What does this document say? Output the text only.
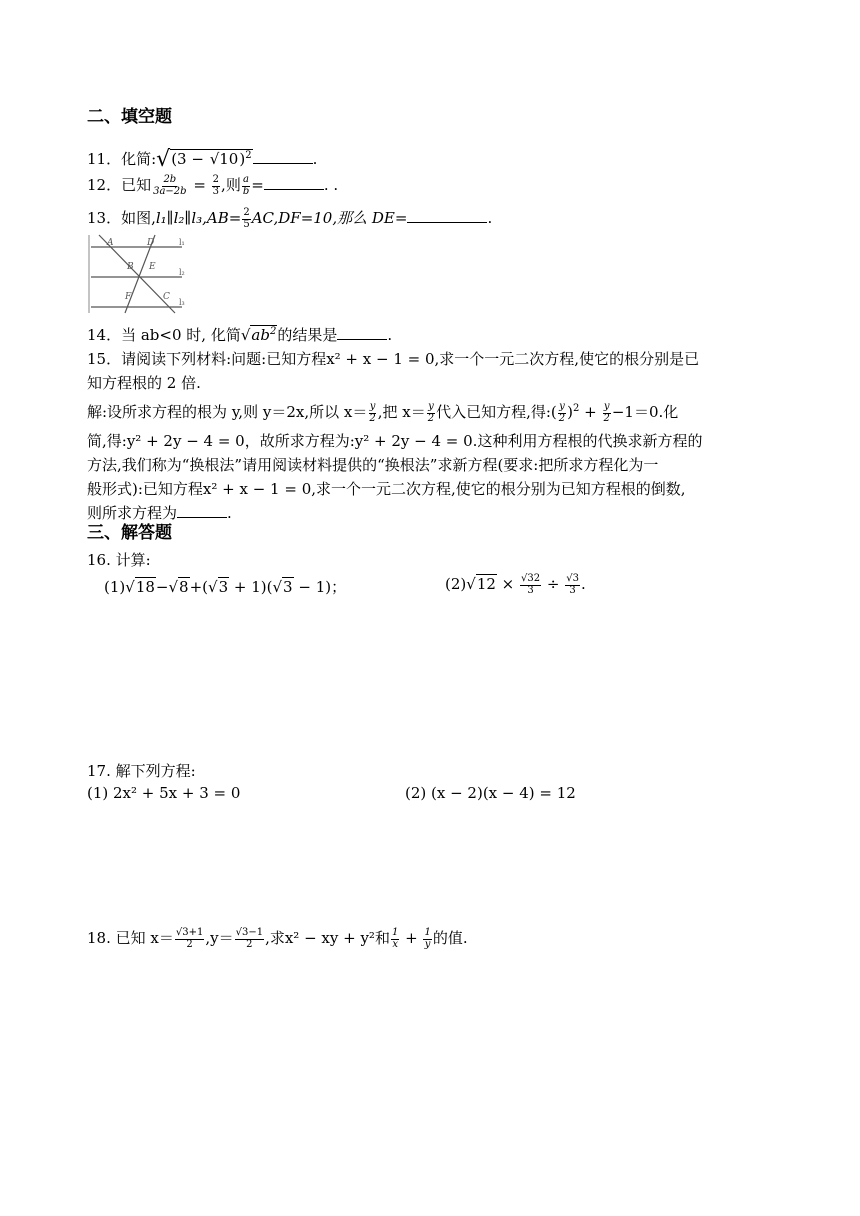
二、填空题
11．化简:√(3 − √10)$^2$	.
12．已知 $\frac{2b}{3a-2b} = \frac{2}{3}$ ,则 $\frac{a}{b}$ =	. .
13．如图,l₁∥l₂∥l₃,AB= $\frac{2}{5} AC,DF=10$,那么 DE=	.
A	D
B E
F	C
l₁
l₂
l₃
14．当 ab<0 时, 化简$√ab^2$的结果是	.
15．请阅读下列材料:问题:已知方程x² + x − 1 = 0,求一个一元二次方程,使它的根分别是已
知方程根的 2 倍.
解:设所求方程的根为 y,则 y＝2x,所以 $x= \frac{y}{2}$ ,把 $x= \frac{y}{2}$ 代入已知方程,得:( $\frac{y}{2} )^2 + \frac{y}{2} -1=0$.化
简,得:y² + 2y − 4 = 0，故所求方程为:y² + 2y − 4 = 0.这种利用方程根的代换求新方程的
方法,我们称为“换根法”请用阅读材料提供的“换根法”求新方程(要求:把所求方程化为一
般形式):已知方程x² + x − 1 = 0,求一个一元二次方程,使它的根分别为已知方程根的倒数,
则所求方程为	.
三、解答题
16. 计算:
(1)√18−√8+(√3 + 1)(√3 − 1)；	$(2)√12 \times \frac{√32}{3} \div \frac{√3}{3}$ .
17. 解下列方程:
(1) 2x² + 5x + 3 = 0	(2) (x − 2)(x − 4) = 12
18. 已知 $x= \frac{√3+1}{2} ,y= \frac{√3-1}{2}$ ,求x² − xy + y²和 $\frac{1}{x} + \frac{1}{y}$ 的值.
